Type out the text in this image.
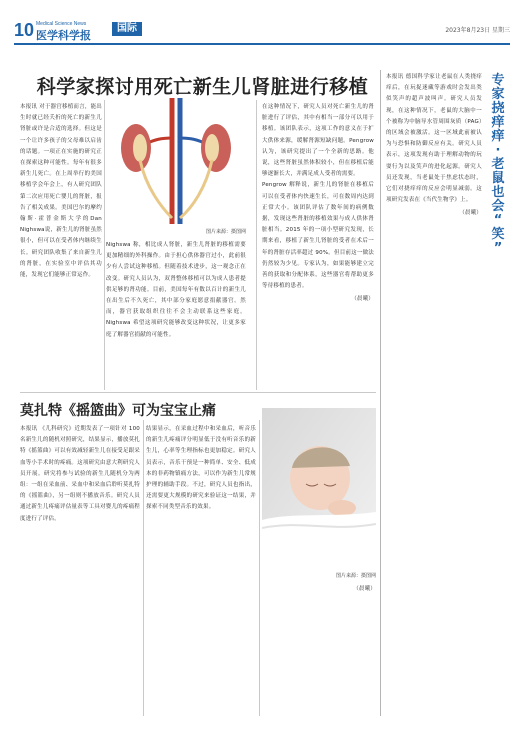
10 Medical Science News
医学科学报
国际	2023年8月23日 星期三
科学家探讨用死亡新生儿肾脏进行移植

本报讯 对于器官移植而言，能出生时就已经夭折的死亡的新生儿肾脏或许是合适的选择。但这是一个让许多孩子的父母难以启齿的话题。一项正在实施的研究正在探索这种可能性。每年有很多新生儿死亡。在上周举行的美国移植学会年会上，有人研究团队第二次应用死亡婴儿的肾脏，报告了相关成果。美国巴尔的摩约翰斯·霍普金斯大学的Dan Nighswa说，新生儿的肾脏虽然很小，但可以在受者体内继续生长。研究团队收集了来自新生儿的肾脏，在实验室中评估其功能，发现它们能够正常运作。

图片来源：摄图网

Nighswa 称，相比成人肾脏，新生儿肾脏的移植需要更加精细的外科操作。由于担心供体器官过小，此前很少有人尝试这种移植。但随着技术进步，这一观念正在改变。研究人员认为，双肾整体移植可以为成人患者提供足够的肾功能。目前，美国每年有数以百计的新生儿在出生后不久死亡，其中部分家庭愿意捐献器官。然而，器官获取组织往往不会主动联系这些家庭。Nighswa 希望这项研究能够改变这种状况，让更多家庭了解器官捐献的可能性。

在这种情况下，研究人员对死亡新生儿的肾脏进行了评估，其中有相当一部分可以用于移植。该团队表示，这项工作的意义在于扩大供体来源，缓解肾源短缺问题。Pengrow 认为，该研究提出了一个全新的思路。他说，这些肾脏虽然体积较小，但在移植后能够逐渐长大，并满足成人受者的需要。

Pengrow 解释说，新生儿的肾脏在移植后可以在受者体内快速生长，可在数周内达到正常大小。该团队评估了数年间的病例数据，发现这些肾脏的移植效果与成人供体肾脏相当。2015 年的一项小型研究发现，长期来看，移植了新生儿肾脏的受者在术后一年的肾脏存活率超过 90%。但目前这一做法仍然较为少见。专家认为，如果能够建立完善的获取和分配体系，这些器官将帮助更多等待移植的患者。

（晨曦）

莫扎特《摇篮曲》可为宝宝止痛

本报讯 《儿科研究》近期发表了一项针对 100 名新生儿的随机对照研究，结果显示，播放莫扎特《摇篮曲》可以有效减轻新生儿在接受足跟采血等小手术时的疼痛。这项研究由意大利研究人员开展。研究将参与试验的新生儿随机分为两组：一组在采血前、采血中和采血后聆听莫扎特的《摇篮曲》，另一组则不播放音乐。研究人员通过新生儿疼痛评估量表等工具对婴儿的疼痛程度进行了评估。

结果显示，在采血过程中和采血后，听音乐的新生儿疼痛评分明显低于没有听音乐的新生儿，心率等生理指标也更加稳定。研究人员表示，音乐干预是一种简单、安全、低成本的非药物镇痛方法，可以作为新生儿常规护理的辅助手段。不过，研究人员也指出，还需要更大规模的研究来验证这一结果，并探索不同类型音乐的效果。

图片来源：摄图网

（晨曦）

本报讯 德国科学家让老鼠在人类挠痒痒后，在玩捉迷藏等游戏时会发出类似笑声的超声波叫声。研究人员发现，在这种情况下，老鼠的大脑中一个被称为中脑导水管周围灰质（PAG）的区域会被激活。这一区域此前被认为与恐惧和防御反应有关。研究人员表示，这项发现有助于理解动物的玩耍行为以及笑声的进化起源。研究人员还发现，当老鼠处于焦虑状态时，它们对挠痒痒的反应会明显减弱。这项研究发表在《当代生物学》上。

（晨曦）

专
家
挠
痒
痒
·
老
鼠
也
会
“
笑
”
